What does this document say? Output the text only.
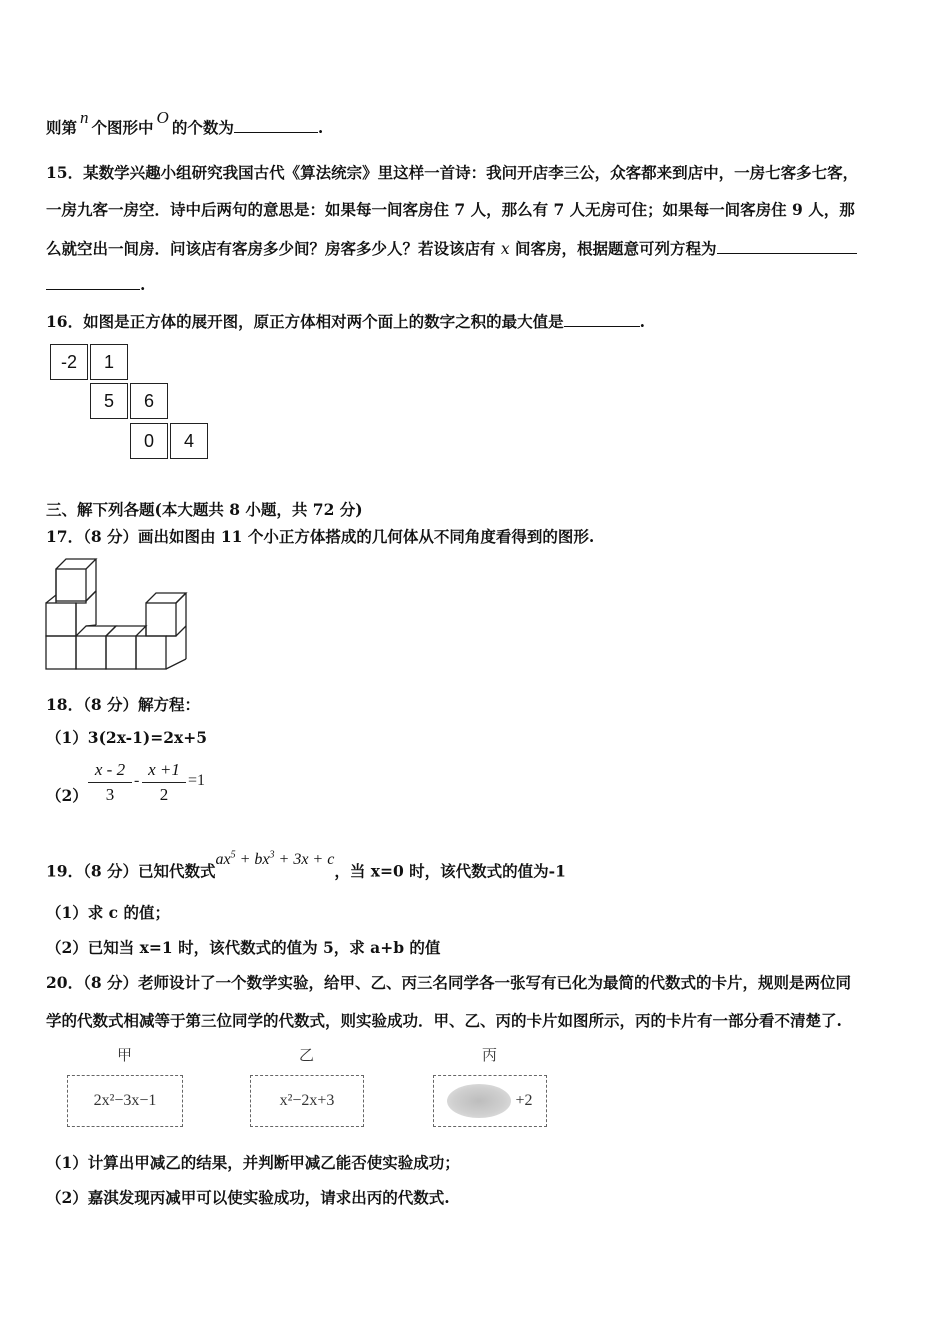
则第n个图形中O的个数为	.
15．某数学兴趣小组研究我国古代《算法统宗》里这样一首诗：我问开店李三公，众客都来到店中，一房七客多七客，
一房九客一房空．诗中后两句的意思是：如果每一间客房住 7 人，那么有 7 人无房可住；如果每一间客房住 9 人，那
么就空出一间房．问该店有客房多少间？房客多少人？若设该店有 x 间客房，根据题意可列方程为
.
16．如图是正方体的展开图，原正方体相对两个面上的数字之积的最大值是	.
-2	1
5	6
0	4
三、解下列各题(本大题共 8 小题，共 72 分)
17．（8 分）画出如图由 11 个小正方体搭成的几何体从不同角度看得到的图形.
18．（8 分）解方程：
（1）3(2x-1)=2x+5
（2）
x - 2
3
-
x +1
2
=1
19．（8 分）已知代数式$ax^5 + bx^3 + 3x + c$，当 x=0 时，该代数式的值为-1
（1）求 c 的值；
（2）已知当 x=1 时，该代数式的值为 5，求 a+b 的值
20．（8 分）老师设计了一个数学实验，给甲、乙、丙三名同学各一张写有已化为最简的代数式的卡片，规则是两位同
学的代数式相减等于第三位同学的代数式，则实验成功．甲、乙、丙的卡片如图所示，丙的卡片有一部分看不清楚了.
甲
2x²−3x−1
乙
x²−2x+3
丙
+2
（1）计算出甲减乙的结果，并判断甲减乙能否使实验成功；
（2）嘉淇发现丙减甲可以使实验成功，请求出丙的代数式.
